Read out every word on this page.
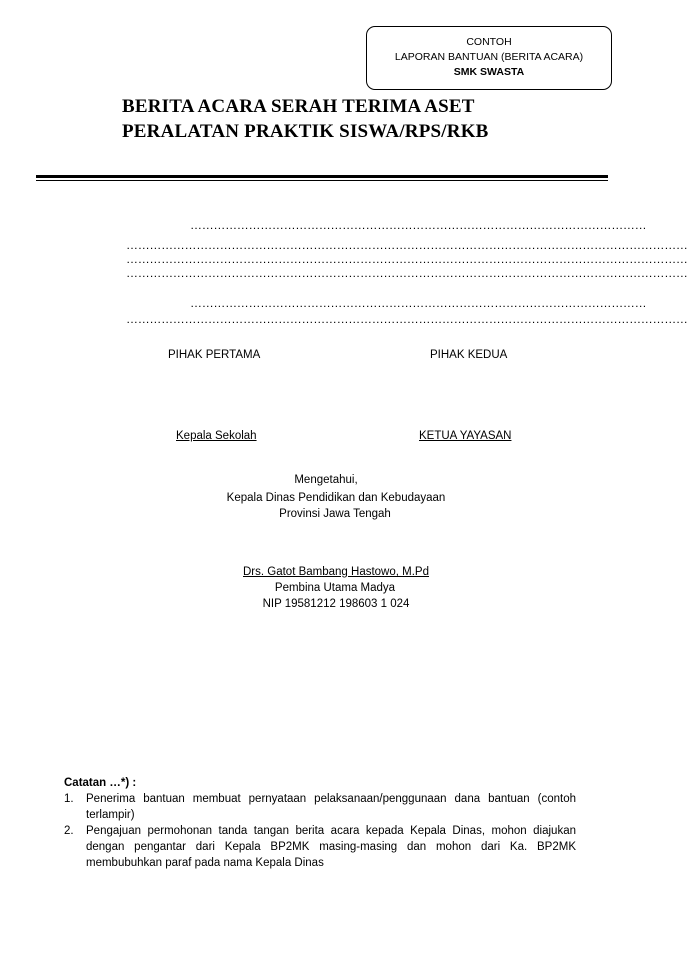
CONTOH
LAPORAN BANTUAN (BERITA ACARA)
SMK SWASTA
BERITA ACARA SERAH TERIMA ASET
PERALATAN PRAKTIK SISWA/RPS/RKB
………………………………………………………………………………………………………
………………………………………………………………………………………………………………………………
………………………………………………………………………………………………………………………………
………………………………………………………………………………………………………………………………
………………………………………………………………………………………………………
………………………………………………………………………………………………………………………………
PIHAK PERTAMA	PIHAK KEDUA
Kepala Sekolah	KETUA YAYASAN
Mengetahui,
Kepala Dinas Pendidikan dan Kebudayaan
Provinsi Jawa Tengah
Drs. Gatot Bambang Hastowo, M.Pd
Pembina Utama Madya
NIP 19581212 198603 1 024
Catatan …*) :
1.	Penerima bantuan membuat pernyataan pelaksanaan/penggunaan dana bantuan (contoh terlampir)
2.	Pengajuan permohonan tanda tangan berita acara kepada Kepala Dinas, mohon diajukan dengan pengantar dari Kepala BP2MK masing-masing dan mohon dari Ka. BP2MK membubuhkan paraf pada nama Kepala Dinas
